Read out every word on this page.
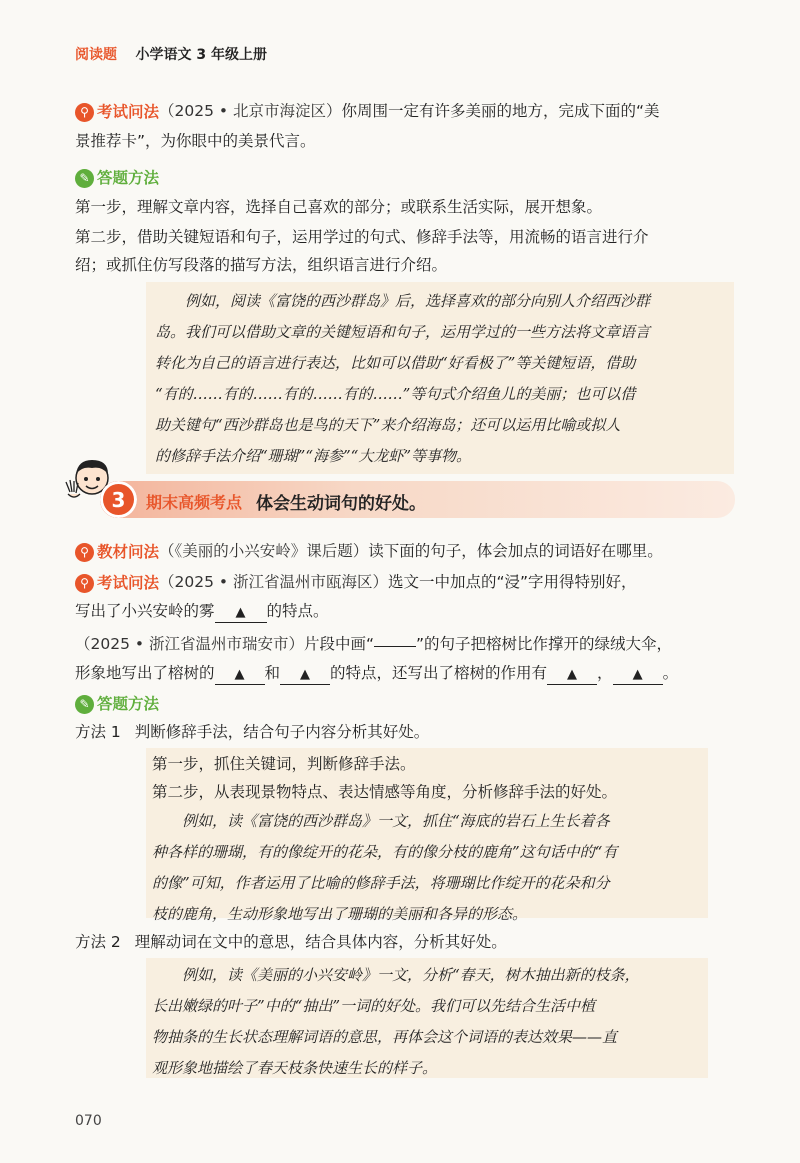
阅读题 小学语文 3 年级上册
⚲ 考试问法 （2025 • 北京市海淀区）你周围一定有许多美丽的地方，完成下面的“美
景推荐卡”，为你眼中的美景代言。
✎ 答题方法
第一步，理解文章内容，选择自己喜欢的部分；或联系生活实际，展开想象。
第二步，借助关键短语和句子，运用学过的句式、修辞手法等，用流畅的语言进行介
绍；或抓住仿写段落的描写方法，组织语言进行介绍。

例如，阅读《富饶的西沙群岛》后，选择喜欢的部分向别人介绍西沙群

岛。我们可以借助文章的关键短语和句子，运用学过的一些方法将文章语言

转化为自己的语言进行表达，比如可以借助“好看极了”等关键短语，借助

“有的……有的……有的……有的……”等句式介绍鱼儿的美丽；也可以借

助关键句“西沙群岛也是鸟的天下”来介绍海岛；还可以运用比喻或拟人

的修辞手法介绍“珊瑚”“海参”“大龙虾”等事物。

3	期末高频考点 体会生动词句的好处。
⚲ 教材问法 （《美丽的小兴安岭》课后题）读下面的句子，体会加点的词语好在哪里。
⚲ 考试问法 （2025 • 浙江省温州市瓯海区）选文一中加点的“浸”字用得特别好，
写出了小兴安岭的雾 ▲ 的特点。
（2025 • 浙江省温州市瑞安市）片段中画“	”的句子把榕树比作撑开的绿绒大伞，
形象地写出了榕树的 ▲ 和 ▲ 的特点，还写出了榕树的作用有 ▲ ， ▲ 。
✎ 答题方法
方法 1 判断修辞手法，结合句子内容分析其好处。

第一步，抓住关键词，判断修辞手法。

第二步，从表现景物特点、表达情感等角度，分析修辞手法的好处。

例如，读《富饶的西沙群岛》一文，抓住“海底的岩石上生长着各

种各样的珊瑚，有的像绽开的花朵，有的像分枝的鹿角”这句话中的“有

的像”可知，作者运用了比喻的修辞手法，将珊瑚比作绽开的花朵和分

枝的鹿角，生动形象地写出了珊瑚的美丽和各异的形态。

方法 2 理解动词在文中的意思，结合具体内容，分析其好处。

例如，读《美丽的小兴安岭》一文，分析“春天，树木抽出新的枝条，

长出嫩绿的叶子”中的“抽出”一词的好处。我们可以先结合生活中植

物抽条的生长状态理解词语的意思，再体会这个词语的表达效果——直

观形象地描绘了春天枝条快速生长的样子。

070
